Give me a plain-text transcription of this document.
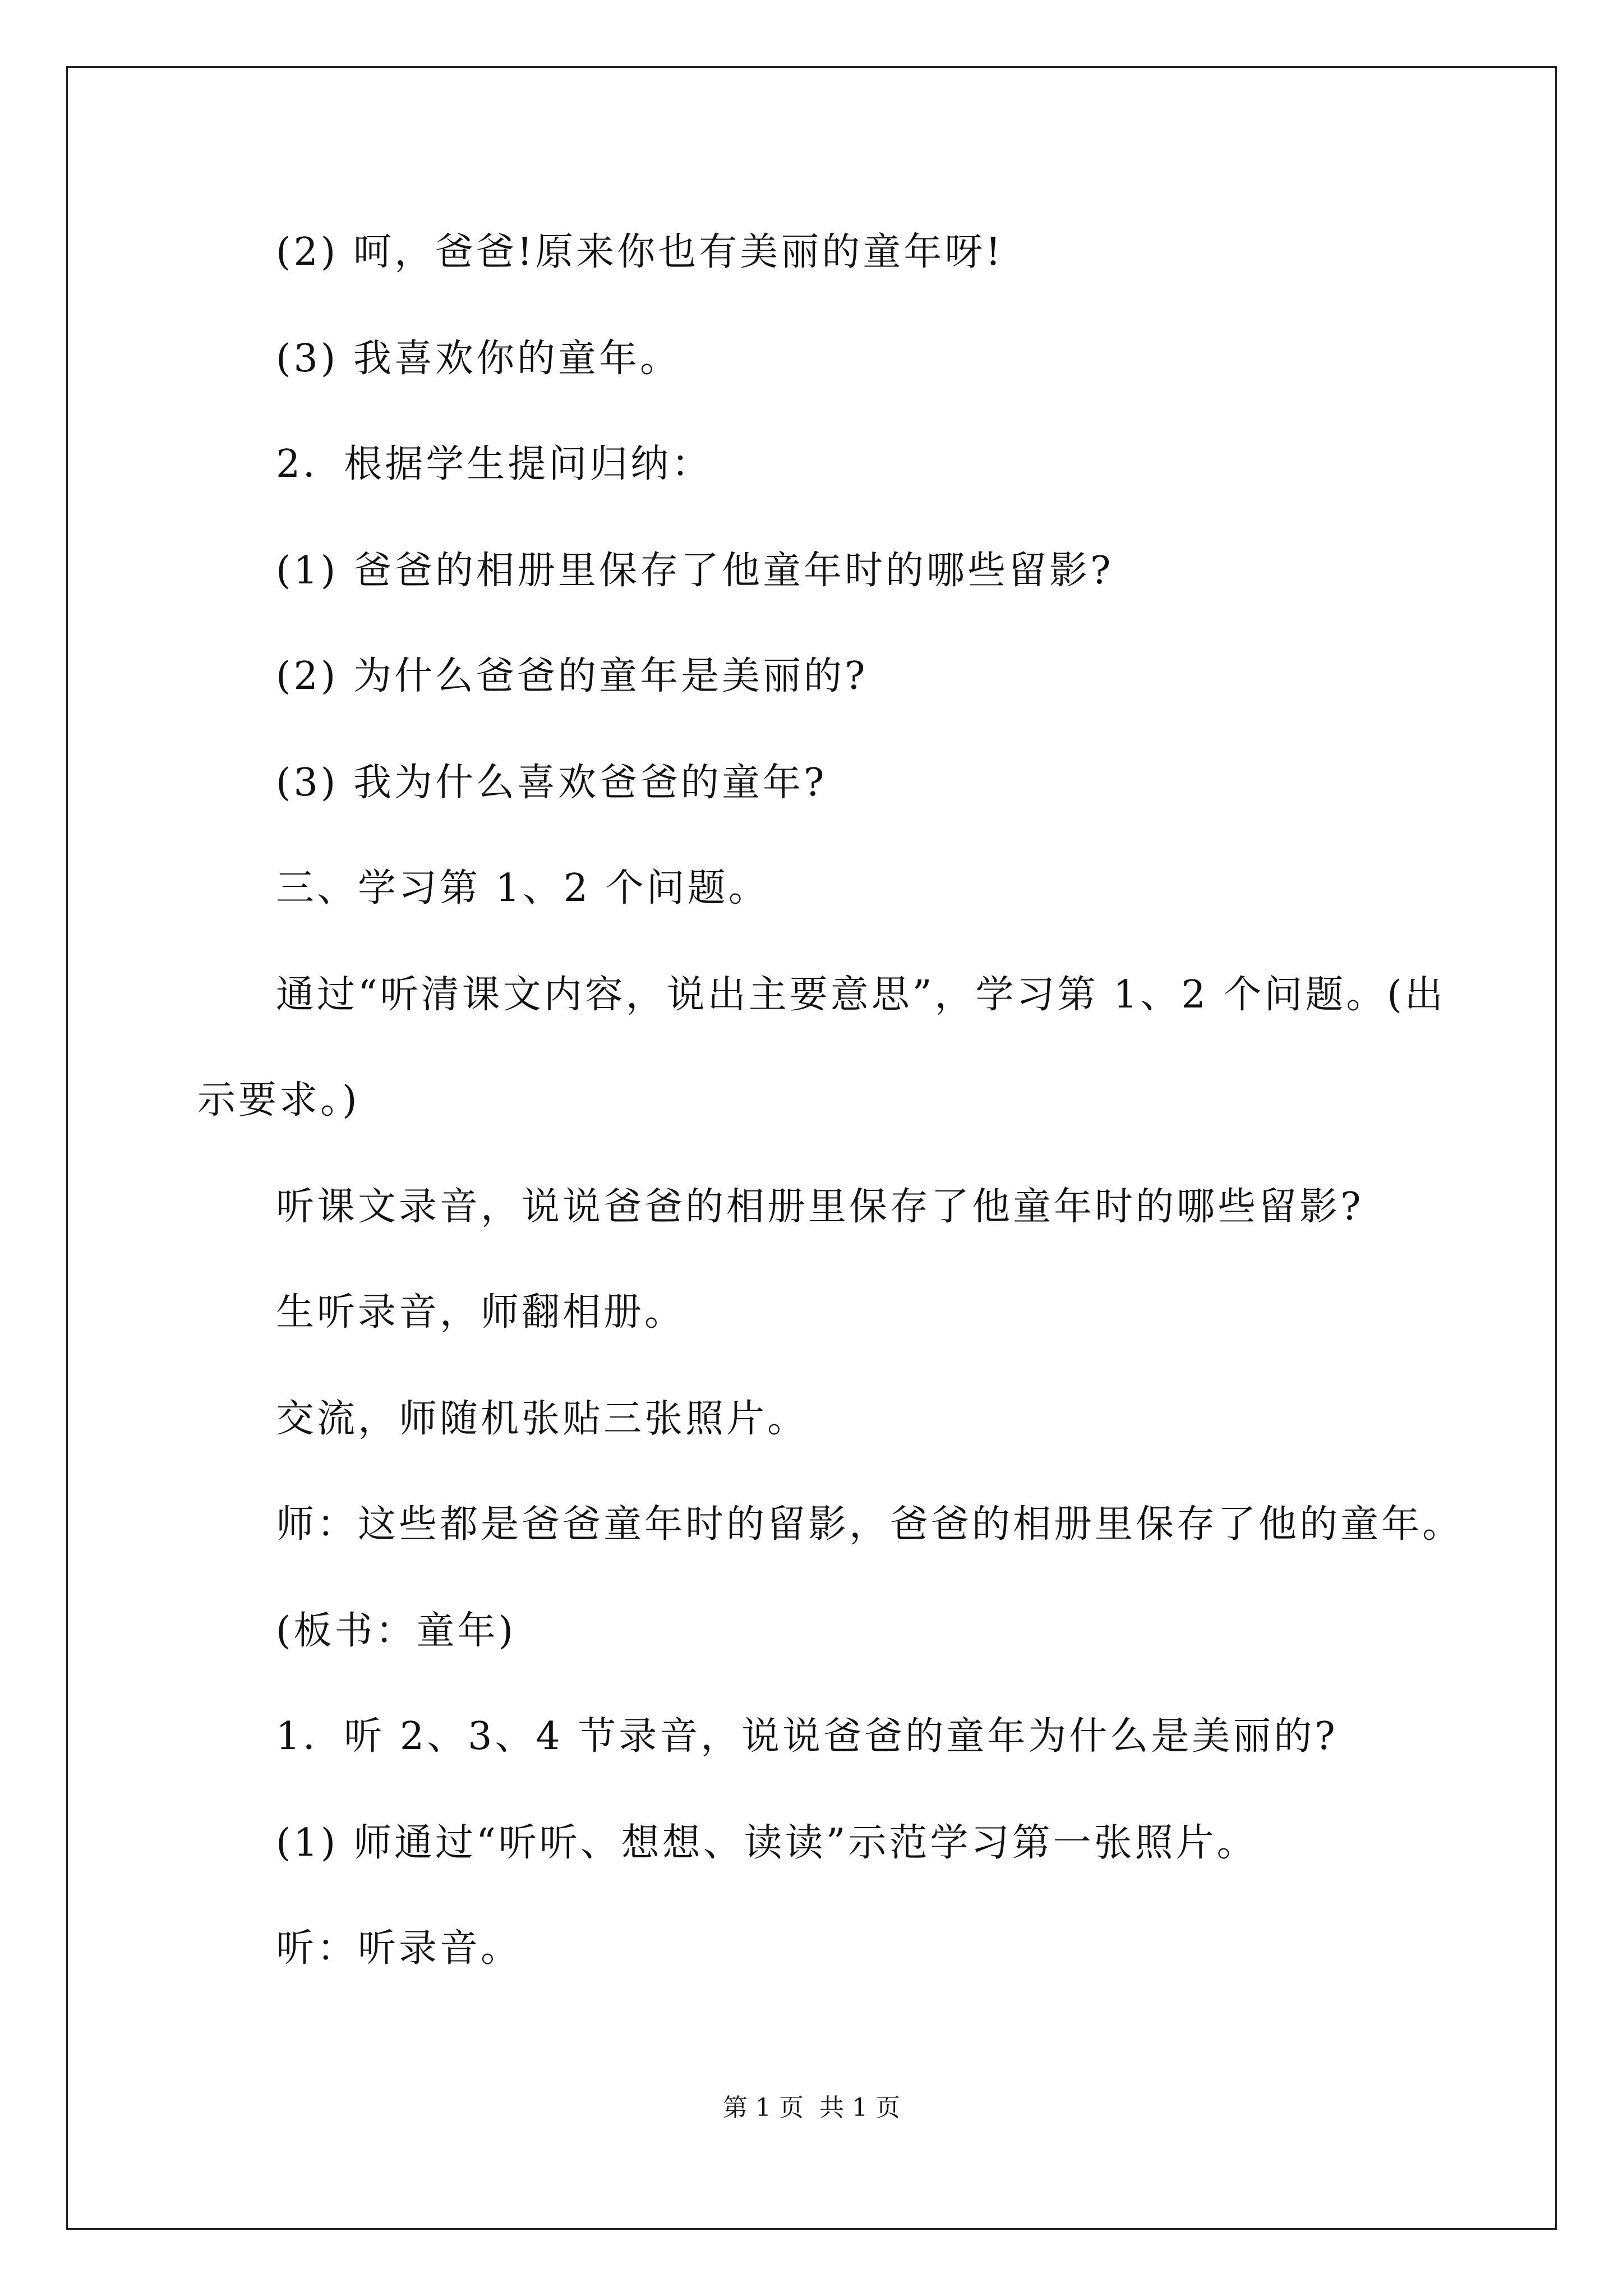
(2) 呵，爸爸!原来你也有美丽的童年呀!

(3) 我喜欢你的童年。

2．根据学生提问归纳：

(1) 爸爸的相册里保存了他童年时的哪些留影?

(2) 为什么爸爸的童年是美丽的?

(3) 我为什么喜欢爸爸的童年?

三、学习第 1、2 个问题。

通过“听清课文内容，说出主要意思”，学习第 1、2 个问题。(出

示要求。)

听课文录音，说说爸爸的相册里保存了他童年时的哪些留影?

生听录音，师翻相册。

交流，师随机张贴三张照片。

师：这些都是爸爸童年时的留影，爸爸的相册里保存了他的童年。

(板书：童年)

1．听 2、3、4 节录音，说说爸爸的童年为什么是美丽的?

(1) 师通过“听听、想想、读读”示范学习第一张照片。

听：听录音。

第 1 页 共 1 页
